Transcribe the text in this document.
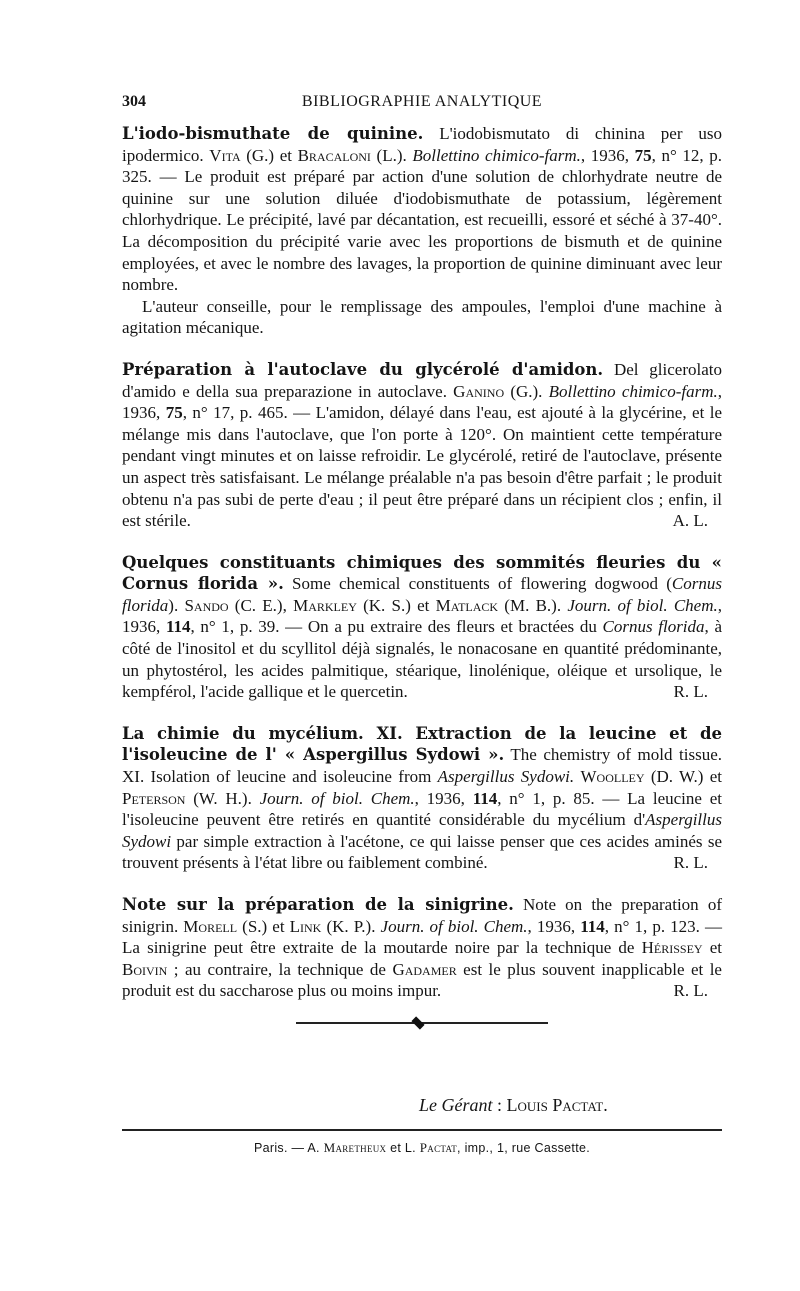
304	BIBLIOGRAPHIE ANALYTIQUE

L'iodo-bismuthate de quinine. L'iodobismutato di chinina per uso ipodermico. Vita (G.) et Bracaloni (L.). Bollettino chimico-farm., 1936, 75, n° 12, p. 325. — Le produit est préparé par action d'une solution de chlorhydrate neutre de quinine sur une solution diluée d'iodobismuthate de potassium, légèrement chlorhydrique. Le précipité, lavé par décantation, est recueilli, essoré et séché à 37-40°. La décomposition du précipité varie avec les proportions de bismuth et de quinine employées, et avec le nombre des lavages, la proportion de quinine diminuant avec leur nombre.

L'auteur conseille, pour le remplissage des ampoules, l'emploi d'une machine à agitation mécanique.

Préparation à l'autoclave du glycérolé d'amidon. Del glicerolato d'amido e della sua preparazione in autoclave. Ganino (G.). Bollettino chimico-farm., 1936, 75, n° 17, p. 465. — L'amidon, délayé dans l'eau, est ajouté à la glycérine, et le mélange mis dans l'autoclave, que l'on porte à 120°. On maintient cette température pendant vingt minutes et on laisse refroidir. Le glycérolé, retiré de l'autoclave, présente un aspect très satisfaisant. Le mélange préalable n'a pas besoin d'être parfait ; le produit obtenu n'a pas subi de perte d'eau ; il peut être préparé dans un récipient clos ; enfin, il est stérile.	A. L.

Quelques constituants chimiques des sommités fleuries du « Cornus florida ». Some chemical constituents of flowering dogwood (Cornus florida). Sando (C. E.), Markley (K. S.) et Matlack (M. B.). Journ. of biol. Chem., 1936, 114, n° 1, p. 39. — On a pu extraire des fleurs et bractées du Cornus florida, à côté de l'inositol et du scyllitol déjà signalés, le nonacosane en quantité prédominante, un phytostérol, les acides palmitique, stéarique, linolénique, oléique et ursolique, le kempférol, l'acide gallique et le quercetin.	R. L.

La chimie du mycélium. XI. Extraction de la leucine et de l'isoleucine de l' « Aspergillus Sydowi ». The chemistry of mold tissue. XI. Isolation of leucine and isoleucine from Aspergillus Sydowi. Woolley (D. W.) et Peterson (W. H.). Journ. of biol. Chem., 1936, 114, n° 1, p. 85. — La leucine et l'isoleucine peuvent être retirés en quantité considérable du mycélium d'Aspergillus Sydowi par simple extraction à l'acétone, ce qui laisse penser que ces acides aminés se trouvent présents à l'état libre ou faiblement combiné.	R. L.

Note sur la préparation de la sinigrine. Note on the preparation of sinigrin. Morell (S.) et Link (K. P.). Journ. of biol. Chem., 1936, 114, n° 1, p. 123. — La sinigrine peut être extraite de la moutarde noire par la technique de Hérissey et Boivin ; au contraire, la technique de Gadamer est le plus souvent inapplicable et le produit est du saccharose plus ou moins impur.	R. L.

Le Gérant : Louis Pactat.
Paris. — A. Maretheux et L. Pactat, imp., 1, rue Cassette.
